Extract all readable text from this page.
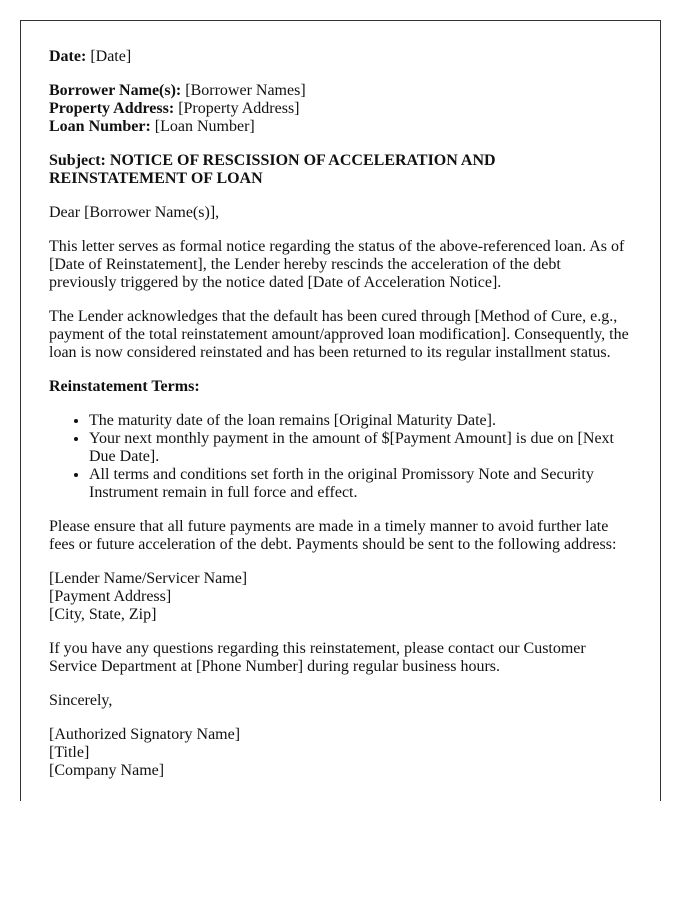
Date: [Date]

Borrower Name(s): [Borrower Names]
Property Address: [Property Address]
Loan Number: [Loan Number]

Subject: NOTICE OF RESCISSION OF ACCELERATION AND REINSTATEMENT OF LOAN

Dear [Borrower Name(s)],

This letter serves as formal notice regarding the status of the above-referenced loan. As of [Date of Reinstatement], the Lender hereby rescinds the acceleration of the debt previously triggered by the notice dated [Date of Acceleration Notice].

The Lender acknowledges that the default has been cured through [Method of Cure, e.g., payment of the total reinstatement amount/approved loan modification]. Consequently, the loan is now considered reinstated and has been returned to its regular installment status.

Reinstatement Terms:

• The maturity date of the loan remains [Original Maturity Date].
• Your next monthly payment in the amount of $[Payment Amount] is due on [Next Due Date].
• All terms and conditions set forth in the original Promissory Note and Security Instrument remain in full force and effect.

Please ensure that all future payments are made in a timely manner to avoid further late fees or future acceleration of the debt. Payments should be sent to the following address:

[Lender Name/Servicer Name]
[Payment Address]
[City, State, Zip]

If you have any questions regarding this reinstatement, please contact our Customer Service Department at [Phone Number] during regular business hours.

Sincerely,

[Authorized Signatory Name]
[Title]
[Company Name]
